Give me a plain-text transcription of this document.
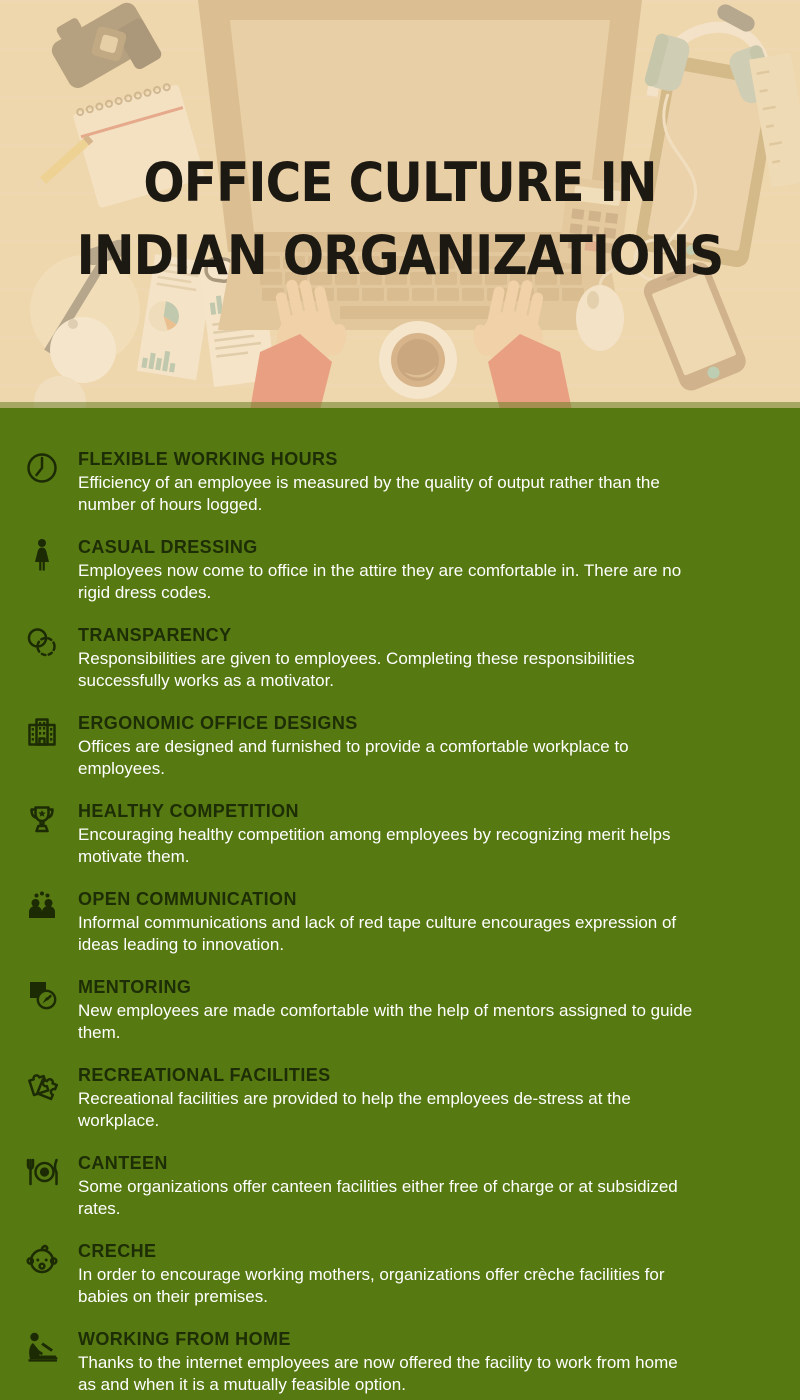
OFFICE CULTURE IN
INDIAN ORGANIZATIONS
FLEXIBLE WORKING HOURS
Efficiency of an employee is measured by the quality of output rather than the
number of hours logged.
CASUAL DRESSING
Employees now come to office in the attire they are comfortable in. There are no
rigid dress codes.
TRANSPARENCY
Responsibilities are given to employees. Completing these responsibilities
successfully works as a motivator.
ERGONOMIC OFFICE DESIGNS
Offices are designed and furnished to provide a comfortable workplace to
employees.
HEALTHY COMPETITION
Encouraging healthy competition among employees by recognizing merit helps
motivate them.
OPEN COMMUNICATION
Informal communications and lack of red tape culture encourages expression of
ideas leading to innovation.
MENTORING
New employees are made comfortable with the help of mentors assigned to guide
them.
RECREATIONAL FACILITIES
Recreational facilities are provided to help the employees de-stress at the
workplace.
CANTEEN
Some organizations offer canteen facilities either free of charge or at subsidized
rates.
CRECHE
In order to encourage working mothers, organizations offer crèche facilities for
babies on their premises.
WORKING FROM HOME
Thanks to the internet employees are now offered the facility to work from home
as and when it is a mutually feasible option.
